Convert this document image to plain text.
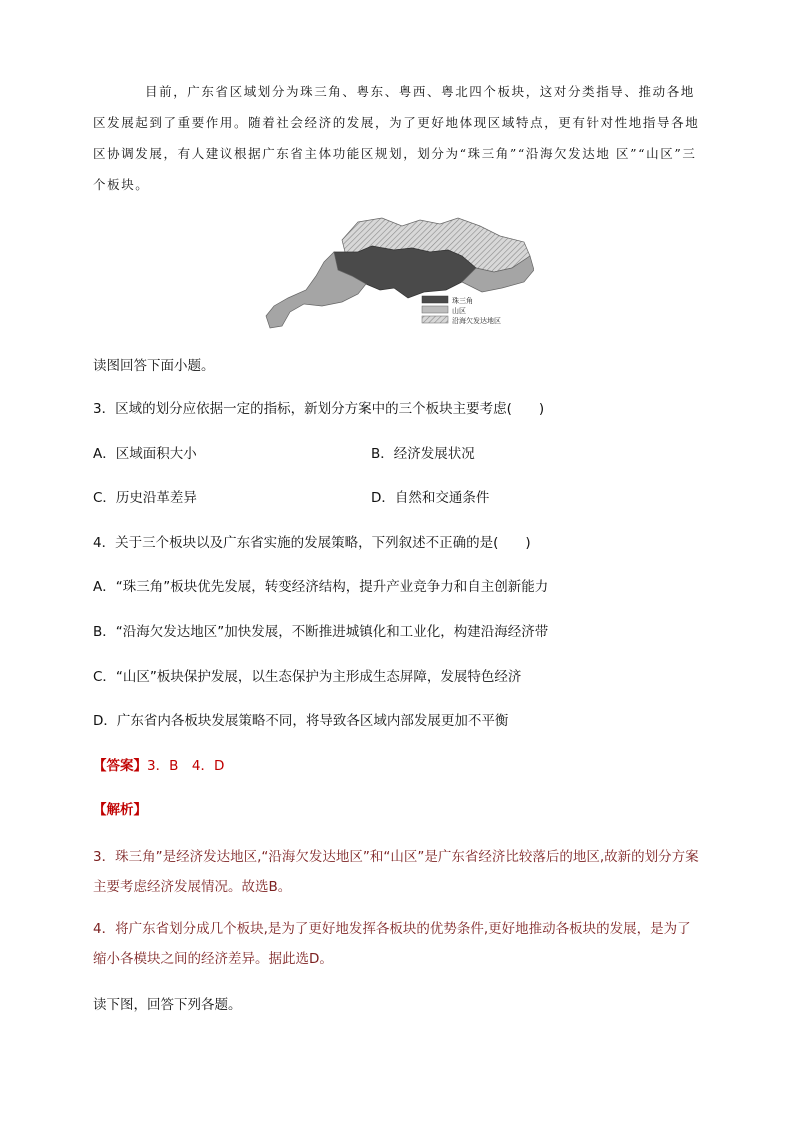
目前，广东省区域划分为珠三角、粤东、粤西、粤北四个板块，这对分类指导、推动各地区发展起到了重要作用。随着社会经济的发展，为了更好地体现区域特点，更有针对性地指导各地区协调发展，有人建议根据广东省主体功能区规划，划分为“珠三角”“沿海欠发达地 区”“山区”三个板块。

珠三角
山区
沿海欠发达地区
读图回答下面小题。
3．区域的划分应依据一定的指标，新划分方案中的三个板块主要考虑(　　)
A．区域面积大小	B．经济发展状况
C．历史沿革差异	D．自然和交通条件
4．关于三个板块以及广东省实施的发展策略，下列叙述不正确的是(　　)
A．“珠三角”板块优先发展，转变经济结构，提升产业竞争力和自主创新能力
B．“沿海欠发达地区”加快发展，不断推进城镇化和工业化，构建沿海经济带
C．“山区”板块保护发展，以生态保护为主形成生态屏障，发展特色经济
D．广东省内各板块发展策略不同，将导致各区域内部发展更加不平衡
【答案】3．B　4．D
【解析】
3．珠三角”是经济发达地区,“沿海欠发达地区”和“山区”是广东省经济比较落后的地区,故新的划分方案主要考虑经济发展情况。故选B。
4．将广东省划分成几个板块,是为了更好地发挥各板块的优势条件,更好地推动各板块的发展，是为了缩小各模块之间的经济差异。据此选D。
读下图，回答下列各题。
